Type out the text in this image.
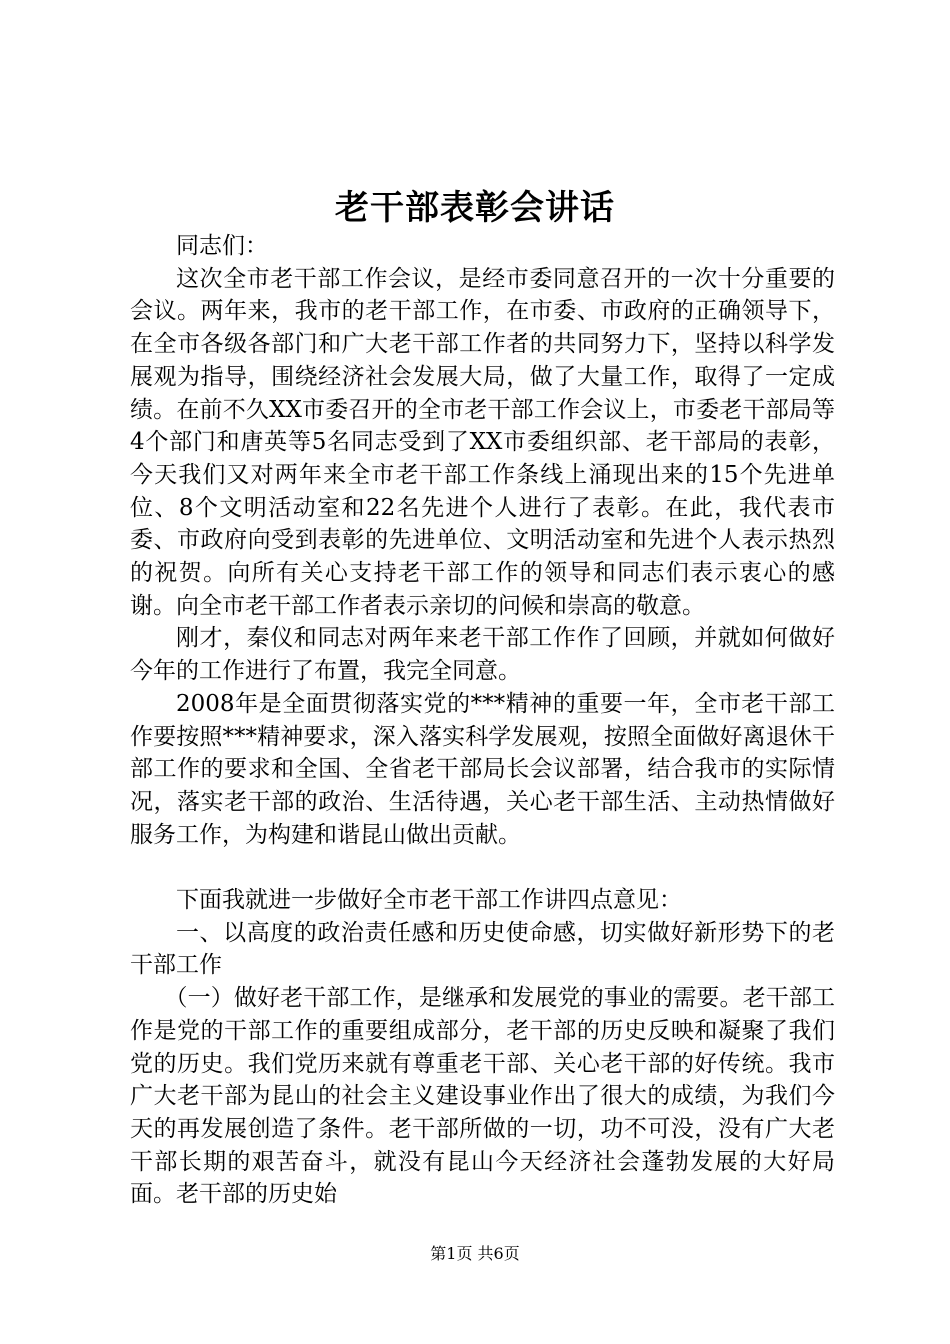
老干部表彰会讲话

同志们：

这次全市老干部工作会议，是经市委同意召开的一次十分重要的会议。两年来，我市的老干部工作，在市委、市政府的正确领导下，在全市各级各部门和广大老干部工作者的共同努力下，坚持以科学发展观为指导，围绕经济社会发展大局，做了大量工作，取得了一定成绩。在前不久XX市委召开的全市老干部工作会议上，市委老干部局等4个部门和唐英等5名同志受到了XX市委组织部、老干部局的表彰，今天我们又对两年来全市老干部工作条线上涌现出来的15个先进单位、8个文明活动室和22名先进个人进行了表彰。在此，我代表市委、市政府向受到表彰的先进单位、文明活动室和先进个人表示热烈的祝贺。向所有关心支持老干部工作的领导和同志们表示衷心的感谢。向全市老干部工作者表示亲切的问候和崇高的敬意。

刚才，秦仪和同志对两年来老干部工作作了回顾，并就如何做好今年的工作进行了布置，我完全同意。

2008年是全面贯彻落实党的***精神的重要一年，全市老干部工作要按照***精神要求，深入落实科学发展观，按照全面做好离退休干部工作的要求和全国、全省老干部局长会议部署，结合我市的实际情况，落实老干部的政治、生活待遇，关心老干部生活、主动热情做好服务工作，为构建和谐昆山做出贡献。

下面我就进一步做好全市老干部工作讲四点意见：

一、以高度的政治责任感和历史使命感，切实做好新形势下的老干部工作

（一）做好老干部工作，是继承和发展党的事业的需要。老干部工作是党的干部工作的重要组成部分，老干部的历史反映和凝聚了我们党的历史。我们党历来就有尊重老干部、关心老干部的好传统。我市广大老干部为昆山的社会主义建设事业作出了很大的成绩，为我们今天的再发展创造了条件。老干部所做的一切，功不可没，没有广大老干部长期的艰苦奋斗，就没有昆山今天经济社会蓬勃发展的大好局面。老干部的历史始

第1页 共6页
